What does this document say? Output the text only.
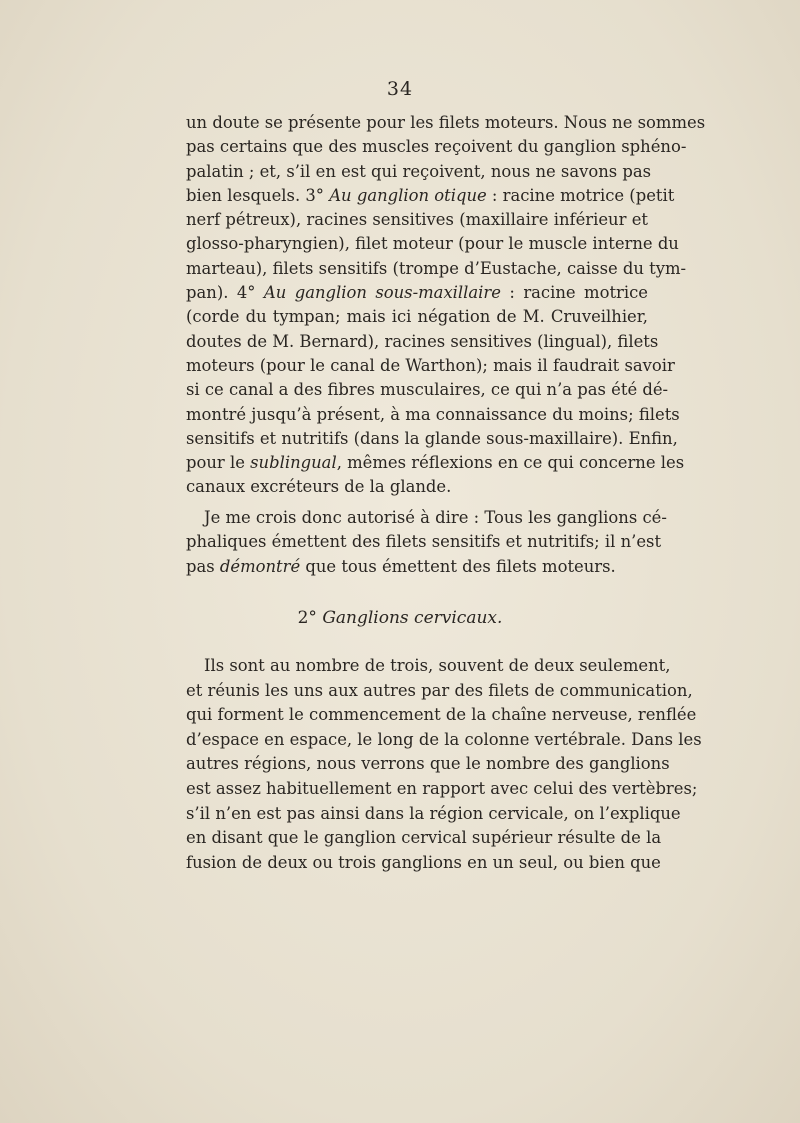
34
un doute se présente pour les filets moteurs. Nous ne sommes
pas certains que des muscles reçoivent du ganglion sphéno-
palatin ; et, s’il en est qui reçoivent, nous ne savons pas
bien lesquels. 3° Au ganglion otique : racine motrice (petit
nerf pétreux), racines sensitives (maxillaire inférieur et
glosso-pharyngien), filet moteur (pour le muscle interne du
marteau), filets sensitifs (trompe d’Eustache, caisse du tym-
pan). 4° Au ganglion sous-maxillaire : racine motrice
(corde du tympan; mais ici négation de M. Cruveilhier,
doutes de M. Bernard), racines sensitives (lingual), filets
moteurs (pour le canal de Warthon); mais il faudrait savoir
si ce canal a des fibres musculaires, ce qui n’a pas été dé-
montré jusqu’à présent, à ma connaissance du moins; filets
sensitifs et nutritifs (dans la glande sous-maxillaire). Enfin,
pour le sublingual, mêmes réflexions en ce qui concerne les
canaux excréteurs de la glande.
Je me crois donc autorisé à dire : Tous les ganglions cé-
phaliques émettent des filets sensitifs et nutritifs; il n’est
pas démontré que tous émettent des filets moteurs.
2° Ganglions cervicaux.
Ils sont au nombre de trois, souvent de deux seulement,
et réunis les uns aux autres par des filets de communication,
qui forment le commencement de la chaîne nerveuse, renflée
d’espace en espace, le long de la colonne vertébrale. Dans les
autres régions, nous verrons que le nombre des ganglions
est assez habituellement en rapport avec celui des vertèbres;
s’il n’en est pas ainsi dans la région cervicale, on l’explique
en disant que le ganglion cervical supérieur résulte de la
fusion de deux ou trois ganglions en un seul, ou bien que
